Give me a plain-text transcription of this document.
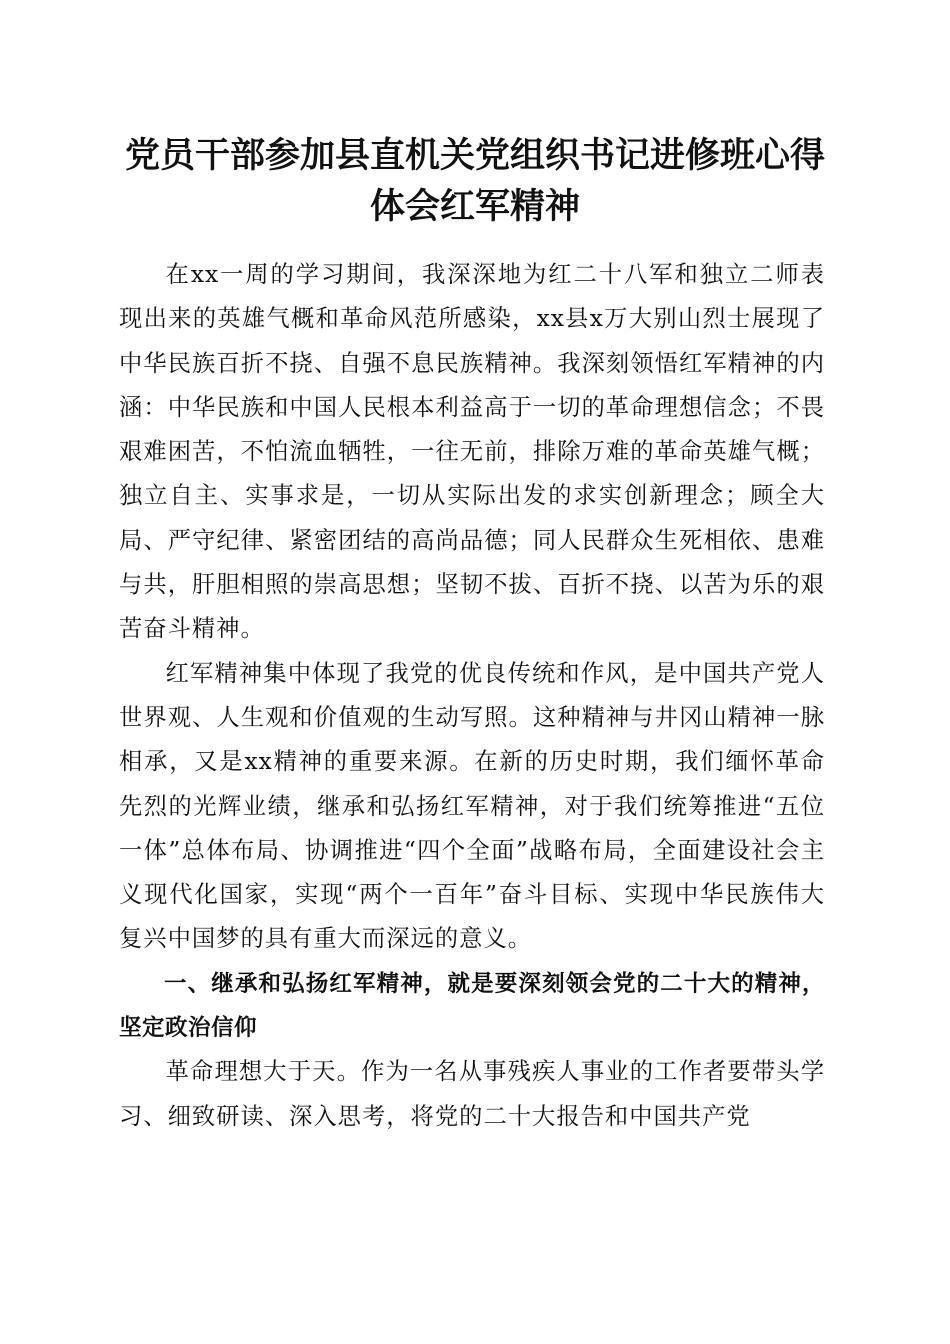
党员干部参加县直机关党组织书记进修班心得
体会红军精神

在xx一周的学习期间，我深深地为红二十八军和独立二师表现出来的英雄气概和革命风范所感染，xx县x万大别山烈士展现了中华民族百折不挠、自强不息民族精神。我深刻领悟红军精神的内涵：中华民族和中国人民根本利益高于一切的革命理想信念；不畏艰难困苦，不怕流血牺牲，一往无前，排除万难的革命英雄气概；独立自主、实事求是，一切从实际出发的求实创新理念；顾全大局、严守纪律、紧密团结的高尚品德；同人民群众生死相依、患难与共，肝胆相照的崇高思想；坚韧不拔、百折不挠、以苦为乐的艰苦奋斗精神。

红军精神集中体现了我党的优良传统和作风，是中国共产党人世界观、人生观和价值观的生动写照。这种精神与井冈山精神一脉相承，又是xx精神的重要来源。在新的历史时期，我们缅怀革命先烈的光辉业绩，继承和弘扬红军精神，对于我们统筹推进“五位一体”总体布局、协调推进“四个全面”战略布局，全面建设社会主义现代化国家，实现“两个一百年”奋斗目标、实现中华民族伟大复兴中国梦的具有重大而深远的意义。

一、继承和弘扬红军精神，就是要深刻领会党的二十大的精神，坚定政治信仰

革命理想大于天。作为一名从事残疾人事业的工作者要带头学习、细致研读、深入思考，将党的二十大报告和中国共产党
